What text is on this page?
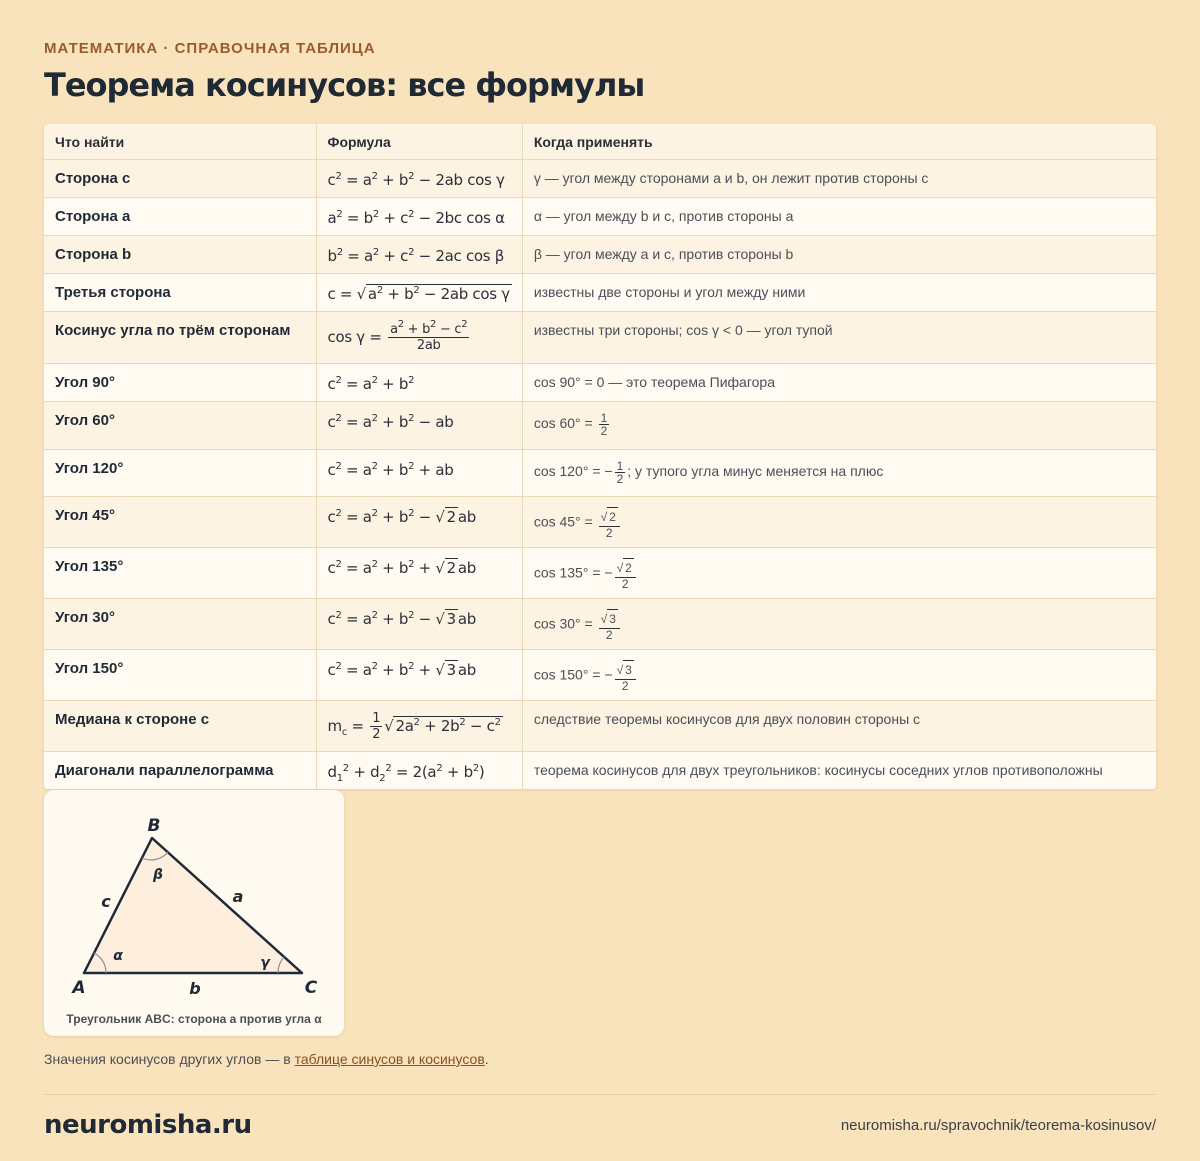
МАТЕМАТИКА · СПРАВОЧНАЯ ТАБЛИЦА
Теорема косинусов: все формулы
Что найти	Формула	Когда применять
Сторона c	$c^2 = a^2 + b^2 - 2ab$ cos γ	γ — угол между сторонами a и b, он лежит против стороны c
Сторона a	$a^2 = b^2 + c^2 - 2bc$ cos α	α — угол между b и c, против стороны a
Сторона b	$b^2 = a^2 + c^2 - 2ac$ cos β	β — угол между a и c, против стороны b
Третья сторона	c = √ $a^2 + b^2 - 2ab$ cos γ	известны две стороны и угол между ними
Косинус угла по трём сторонам	$\cos \gamma = \frac{a^2 + b^2 - c^2}{2ab}$	известны три стороны; cos γ < 0 — угол тупой
Угол 90°	$c^2 = a^2 + b^2$	cos 90° = 0 — это теорема Пифагора
Угол 60°	$c^2 = a^2 + b^2$ − ab	$\cos 60^\circ = \frac{1}{2}$

Угол 120°	$c^2 = a^2 + b^2$ + ab	cos 120° = − $\frac{1}{2}$ ; у тупого угла минус меняется на плюс
Угол 45°	$c^2 = a^2 + b^2$ − √ 2 ab	$\cos 45^\circ = \frac{√ 2}{2}$

Угол 135°	$c^2 = a^2 + b^2$ + √ 2 ab	cos 135° = − $\frac{√ 2}{2}$

Угол 30°	$c^2 = a^2 + b^2$ − √ 3 ab	$\cos 30^\circ = \frac{√ 3}{2}$

Угол 150°	$c^2 = a^2 + b^2$ + √ 3 ab	cos 150° = − $\frac{√ 3}{2}$

Медиана к стороне c	$m_c = \frac{1}{2}$ √ $2a^2 + 2b^2 - c^2$	следствие теоремы косинусов для двух половин стороны c
Диагонали параллелограмма	$d_1^2 + d_2^2 = 2(a^2 + b^2)$	теорема косинусов для двух треугольников: косинусы соседних углов противоположны
B
A	C
c	a
b
α
β
γ
Треугольник ABC: сторона a против угла α
Значения косинусов других углов — в таблице синусов и косинусов.
neuromisha.ru	neuromisha.ru/spravochnik/teorema-kosinusov/
